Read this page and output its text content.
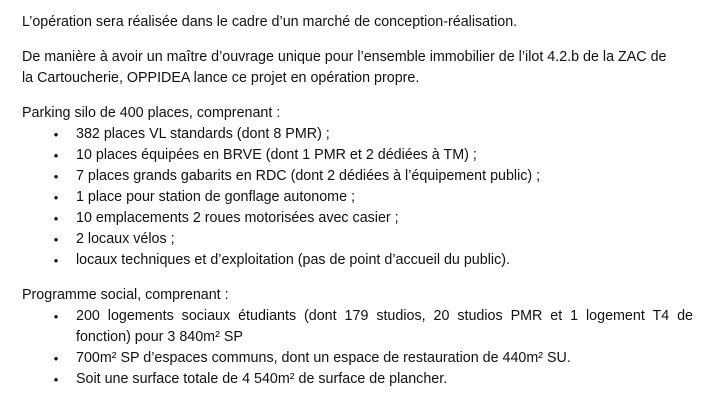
L’opération sera réalisée dans le cadre d’un marché de conception-réalisation.

De manière à avoir un maître d’ouvrage unique pour l’ensemble immobilier de l’ilot 4.2.b de la ZAC de

la Cartoucherie, OPPIDEA lance ce projet en opération propre.

Parking silo de 400 places, comprenant :

• 382 places VL standards (dont 8 PMR) ;
• 10 places équipées en BRVE (dont 1 PMR et 2 dédiées à TM) ;
• 7 places grands gabarits en RDC (dont 2 dédiées à l’équipement public) ;
• 1 place pour station de gonflage autonome ;
• 10 emplacements 2 roues motorisées avec casier ;
• 2 locaux vélos ;
• locaux techniques et d’exploitation (pas de point d’accueil du public).

Programme social, comprenant :

• 200 logements sociaux étudiants (dont 179 studios, 20 studios PMR et 1 logement T4 de fonction) pour 3 840m² SP
• 700m² SP d’espaces communs, dont un espace de restauration de 440m² SU.
• Soit une surface totale de 4 540m² de surface de plancher.
